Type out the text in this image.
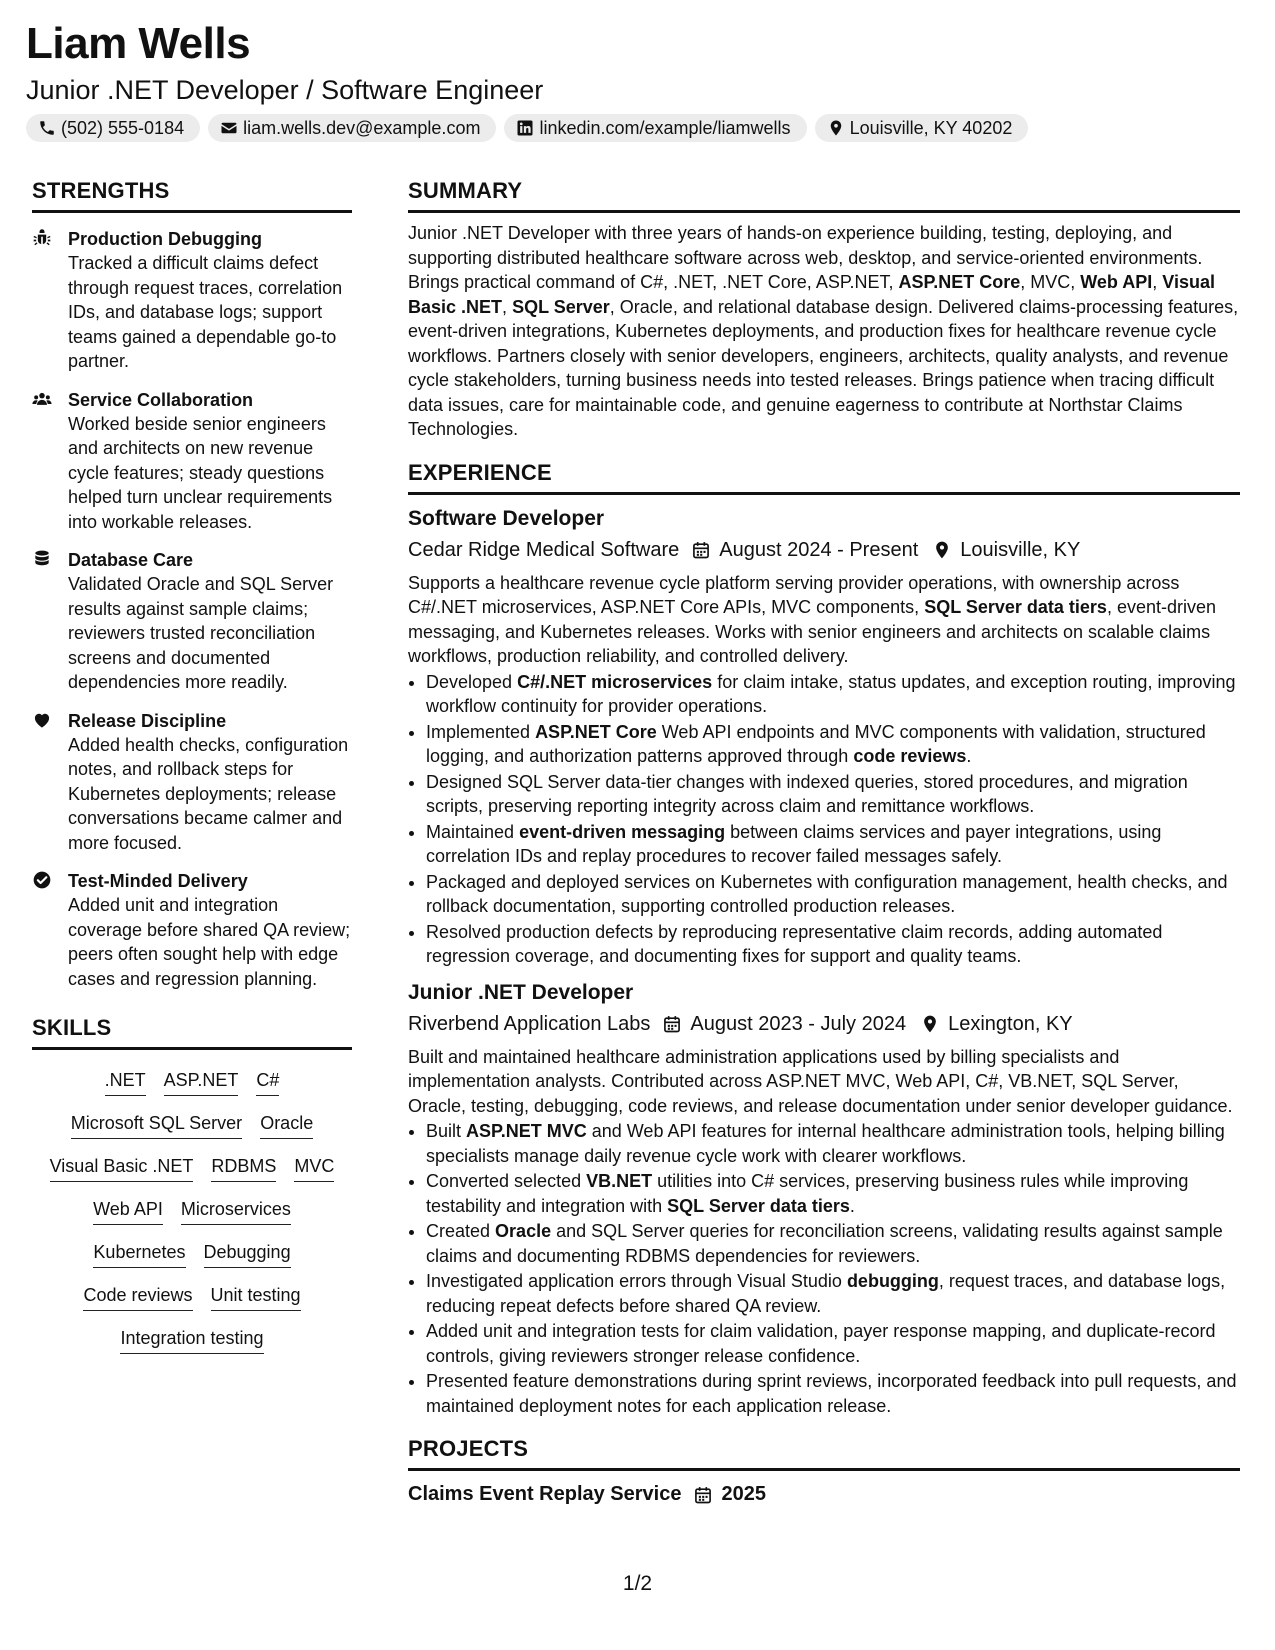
Liam Wells
Junior .NET Developer / Software Engineer
(502) 555-0184	liam.wells.dev@example.com	linkedin.com/example/liamwells	Louisville, KY 40202
STRENGTHS
Production Debugging
Tracked a difficult claims defect through request traces, correlation IDs, and database logs; support teams gained a dependable go-to partner.
Service Collaboration
Worked beside senior engineers and architects on new revenue cycle features; steady questions helped turn unclear requirements into workable releases.
Database Care
Validated Oracle and SQL Server results against sample claims; reviewers trusted reconciliation screens and documented dependencies more readily.
Release Discipline
Added health checks, configuration notes, and rollback steps for Kubernetes deployments; release conversations became calmer and more focused.
Test-Minded Delivery
Added unit and integration coverage before shared QA review; peers often sought help with edge cases and regression planning.
SKILLS
.NET ASP.NET C#
Microsoft SQL Server Oracle
Visual Basic .NET RDBMS MVC
Web API Microservices
Kubernetes Debugging
Code reviews Unit testing
Integration testing
SUMMARY
Junior .NET Developer with three years of hands-on experience building, testing, deploying, and supporting distributed healthcare software across web, desktop, and service-oriented environments. Brings practical command of C#, .NET, .NET Core, ASP.NET, ASP.NET Core, MVC, Web API, Visual Basic .NET, SQL Server, Oracle, and relational database design. Delivered claims-processing features, event-driven integrations, Kubernetes deployments, and production fixes for healthcare revenue cycle workflows. Partners closely with senior developers, engineers, architects, quality analysts, and revenue cycle stakeholders, turning business needs into tested releases. Brings patience when tracing difficult data issues, care for maintainable code, and genuine eagerness to contribute at Northstar Claims Technologies.
EXPERIENCE
Software Developer
Cedar Ridge Medical Software August 2024 - Present Louisville, KY
Supports a healthcare revenue cycle platform serving provider operations, with ownership across C#/.NET microservices, ASP.NET Core APIs, MVC components, SQL Server data tiers, event-driven messaging, and Kubernetes releases. Works with senior engineers and architects on scalable claims workflows, production reliability, and controlled delivery.
• Developed C#/.NET microservices for claim intake, status updates, and exception routing, improving workflow continuity for provider operations.
• Implemented ASP.NET Core Web API endpoints and MVC components with validation, structured logging, and authorization patterns approved through code reviews.
• Designed SQL Server data-tier changes with indexed queries, stored procedures, and migration scripts, preserving reporting integrity across claim and remittance workflows.
• Maintained event-driven messaging between claims services and payer integrations, using correlation IDs and replay procedures to recover failed messages safely.
• Packaged and deployed services on Kubernetes with configuration management, health checks, and rollback documentation, supporting controlled production releases.
• Resolved production defects by reproducing representative claim records, adding automated regression coverage, and documenting fixes for support and quality teams.
Junior .NET Developer
Riverbend Application Labs August 2023 - July 2024 Lexington, KY
Built and maintained healthcare administration applications used by billing specialists and implementation analysts. Contributed across ASP.NET MVC, Web API, C#, VB.NET, SQL Server, Oracle, testing, debugging, code reviews, and release documentation under senior developer guidance.
• Built ASP.NET MVC and Web API features for internal healthcare administration tools, helping billing specialists manage daily revenue cycle work with clearer workflows.
• Converted selected VB.NET utilities into C# services, preserving business rules while improving testability and integration with SQL Server data tiers.
• Created Oracle and SQL Server queries for reconciliation screens, validating results against sample claims and documenting RDBMS dependencies for reviewers.
• Investigated application errors through Visual Studio debugging, request traces, and database logs, reducing repeat defects before shared QA review.
• Added unit and integration tests for claim validation, payer response mapping, and duplicate-record controls, giving reviewers stronger release confidence.
• Presented feature demonstrations during sprint reviews, incorporated feedback into pull requests, and maintained deployment notes for each application release.
PROJECTS
Claims Event Replay Service 2025
1/2
